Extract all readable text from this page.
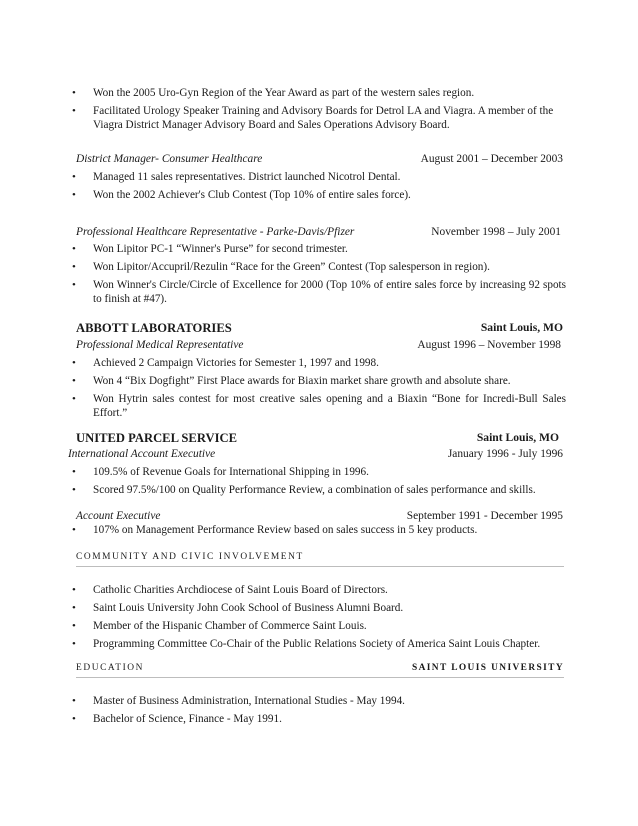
•	Won the 2005 Uro-Gyn Region of the Year Award as part of the western sales region.
•	Facilitated Urology Speaker Training and Advisory Boards for Detrol LA and Viagra. A member of the Viagra District Manager Advisory Board and Sales Operations Advisory Board.
District Manager- Consumer Healthcare	August 2001 – December 2003
•	Managed 11 sales representatives. District launched Nicotrol Dental.
•	Won the 2002 Achiever's Club Contest (Top 10% of entire sales force).
Professional Healthcare Representative - Parke-Davis/Pfizer	November 1998 – July 2001
•	Won Lipitor PC-1 “Winner's Purse” for second trimester.
•	Won Lipitor/Accupril/Rezulin “Race for the Green” Contest (Top salesperson in region).
•	Won Winner's Circle/Circle of Excellence for 2000 (Top 10% of entire sales force by increasing 92 spots to finish at #47).
ABBOTT LABORATORIES	Saint Louis, MO
Professional Medical Representative	August 1996 – November 1998
•	Achieved 2 Campaign Victories for Semester 1, 1997 and 1998.
•	Won 4 “Bix Dogfight” First Place awards for Biaxin market share growth and absolute share.
•	Won Hytrin sales contest for most creative sales opening and a Biaxin “Bone for Incredi-Bull Sales Effort.”
UNITED PARCEL SERVICE	Saint Louis, MO
International Account Executive	January 1996 - July 1996
•	109.5% of Revenue Goals for International Shipping in 1996.
•	Scored 97.5%/100 on Quality Performance Review, a combination of sales performance and skills.
Account Executive	September 1991 - December 1995
•	107% on Management Performance Review based on sales success in 5 key products.
COMMUNITY AND CIVIC INVOLVEMENT
•	Catholic Charities Archdiocese of Saint Louis Board of Directors.
•	Saint Louis University John Cook School of Business Alumni Board.
•	Member of the Hispanic Chamber of Commerce Saint Louis.
•	Programming Committee Co-Chair of the Public Relations Society of America Saint Louis Chapter.
EDUCATION	SAINT LOUIS UNIVERSITY
•	Master of Business Administration, International Studies - May 1994.
•	Bachelor of Science, Finance - May 1991.
